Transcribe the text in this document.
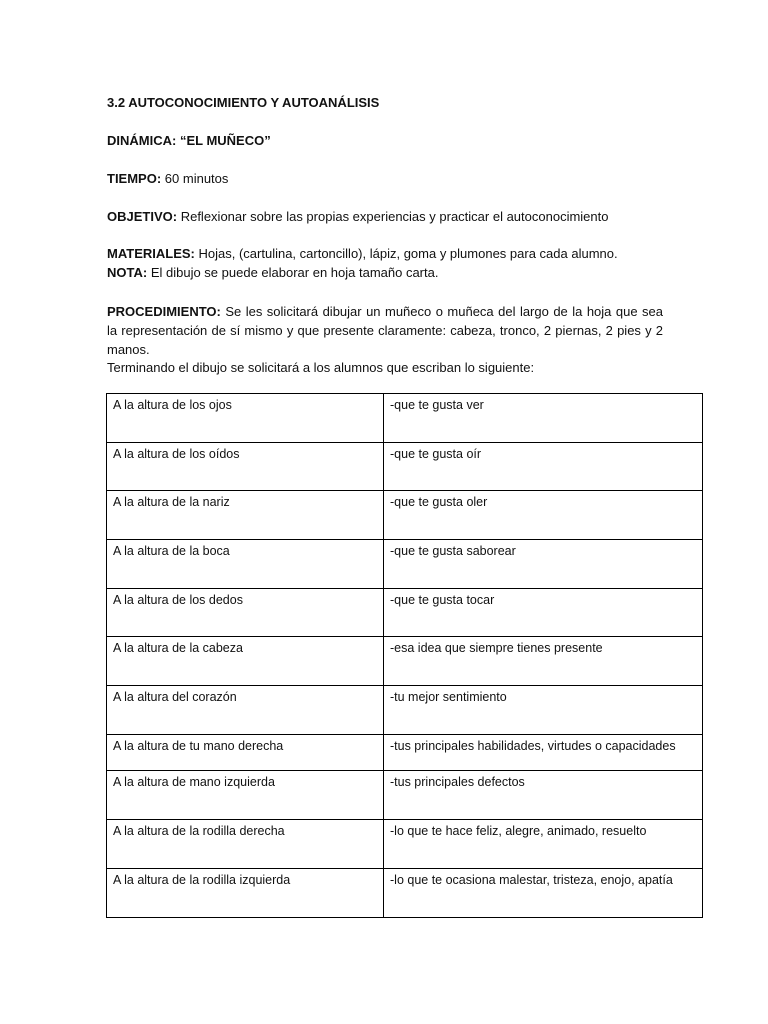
3.2 AUTOCONOCIMIENTO Y AUTOANÁLISIS
DINÁMICA: “EL MUÑECO”
TIEMPO: 60 minutos
OBJETIVO: Reflexionar sobre las propias experiencias y practicar el autoconocimiento
MATERIALES: Hojas, (cartulina, cartoncillo), lápiz, goma y plumones para cada alumno.
NOTA: El dibujo se puede elaborar en hoja tamaño carta.
PROCEDIMIENTO: Se les solicitará dibujar un muñeco o muñeca del largo de la hoja que sea la representación de sí mismo y que presente claramente: cabeza, tronco, 2 piernas, 2 pies y 2 manos.
Terminando el dibujo se solicitará a los alumnos que escriban lo siguiente:
A la altura de los ojos	-que te gusta ver
A la altura de los oídos	-que te gusta oír
A la altura de la nariz	-que te gusta oler
A la altura de la boca	-que te gusta saborear
A la altura de los dedos	-que te gusta tocar
A la altura de la cabeza	-esa idea que siempre tienes presente
A la altura del corazón	-tu mejor sentimiento
A la altura de tu mano derecha	-tus principales habilidades, virtudes o capacidades
A la altura de mano izquierda	-tus principales defectos
A la altura de la rodilla derecha	-lo que te hace feliz, alegre, animado, resuelto
A la altura de la rodilla izquierda	-lo que te ocasiona malestar, tristeza, enojo, apatía
